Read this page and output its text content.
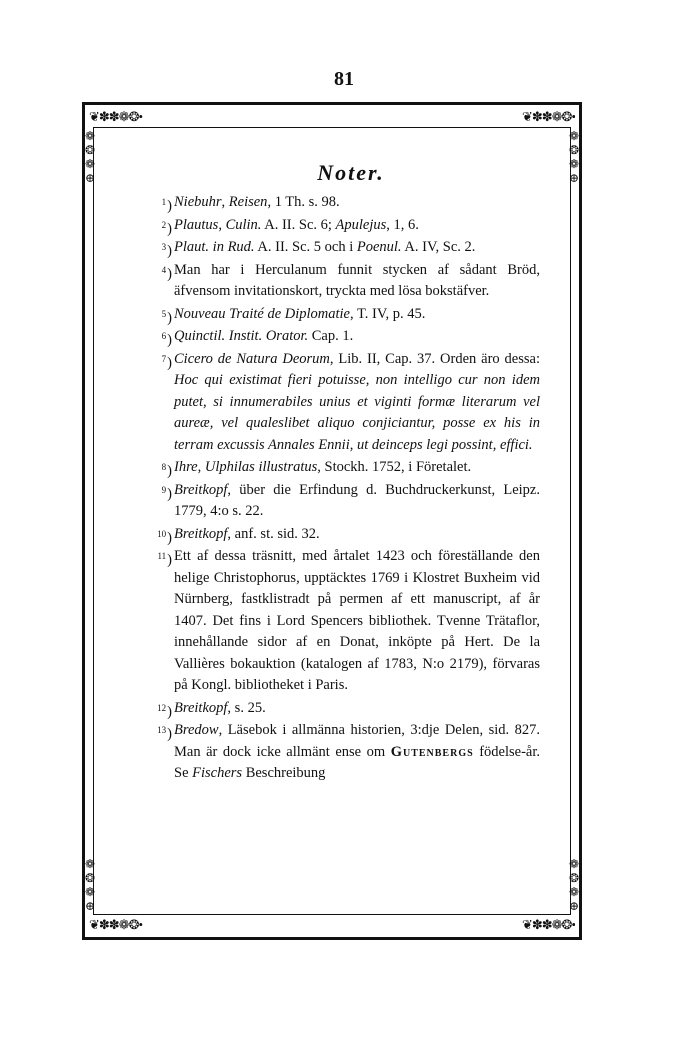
81
❦✽✽❁❂•	❦✽✽❁❂•
❦✽✽❁❂•	❦✽✽❁❂•
❁
❂
❁
⊕
❁
❂
❁
⊕
❁
❂
❁
⊕
❁
❂
❁
⊕
Noter.
$^1$) Niebuhr, Reisen, 1 Th. s. 98.

$^2$) Plautus, Culin. A. II. Sc. 6; Apulejus, 1, 6.

$^3$) Plaut. in Rud. A. II. Sc. 5 och i Poenul. A. IV, Sc. 2.

$^4$) Man har i Herculanum funnit stycken af sådant Bröd, äfvensom invitationskort, tryckta med lösa bokstäfver.

$^5$) Nouveau Traité de Diplomatie, T. IV, p. 45.

$^6$) Quinctil. Instit. Orator. Cap. 1.

$^7$) Cicero de Natura Deorum, Lib. II, Cap. 37. Orden äro dessa: Hoc qui existimat fieri potuisse, non intelligo cur non idem putet, si innumerabiles unius et viginti formæ literarum vel aureæ, vel qualeslibet aliquo conjiciantur, posse ex his in terram excussis Annales Ennii, ut deinceps legi possint, effici.

$^8$) Ihre, Ulphilas illustratus, Stockh. 1752, i Företalet.

$^9$) Breitkopf, über die Erfindung d. Buchdruckerkunst, Leipz. 1779, 4:o s. 22.

$^{10}$) Breitkopf, anf. st. sid. 32.

$^{11}$) Ett af dessa träsnitt, med årtalet 1423 och föreställande den helige Christophorus, upptäcktes 1769 i Klostret Buxheim vid Nürnberg, fastklistradt på permen af ett manuscript, af år 1407. Det fins i Lord Spencers bibliothek. Tvenne Trätaflor, innehållande sidor af en Donat, inköpte på Hert. De la Vallières bokauktion (katalogen af 1783, N:o 2179), förvaras på Kongl. bibliotheket i Paris.

$^{12}$) Breitkopf, s. 25.

$^{13}$) Bredow, Läsebok i allmänna historien, 3:dje Delen, sid. 827. Man är dock icke allmänt ense om Gutenbergs födelse-år. Se Fischers Beschreibung
